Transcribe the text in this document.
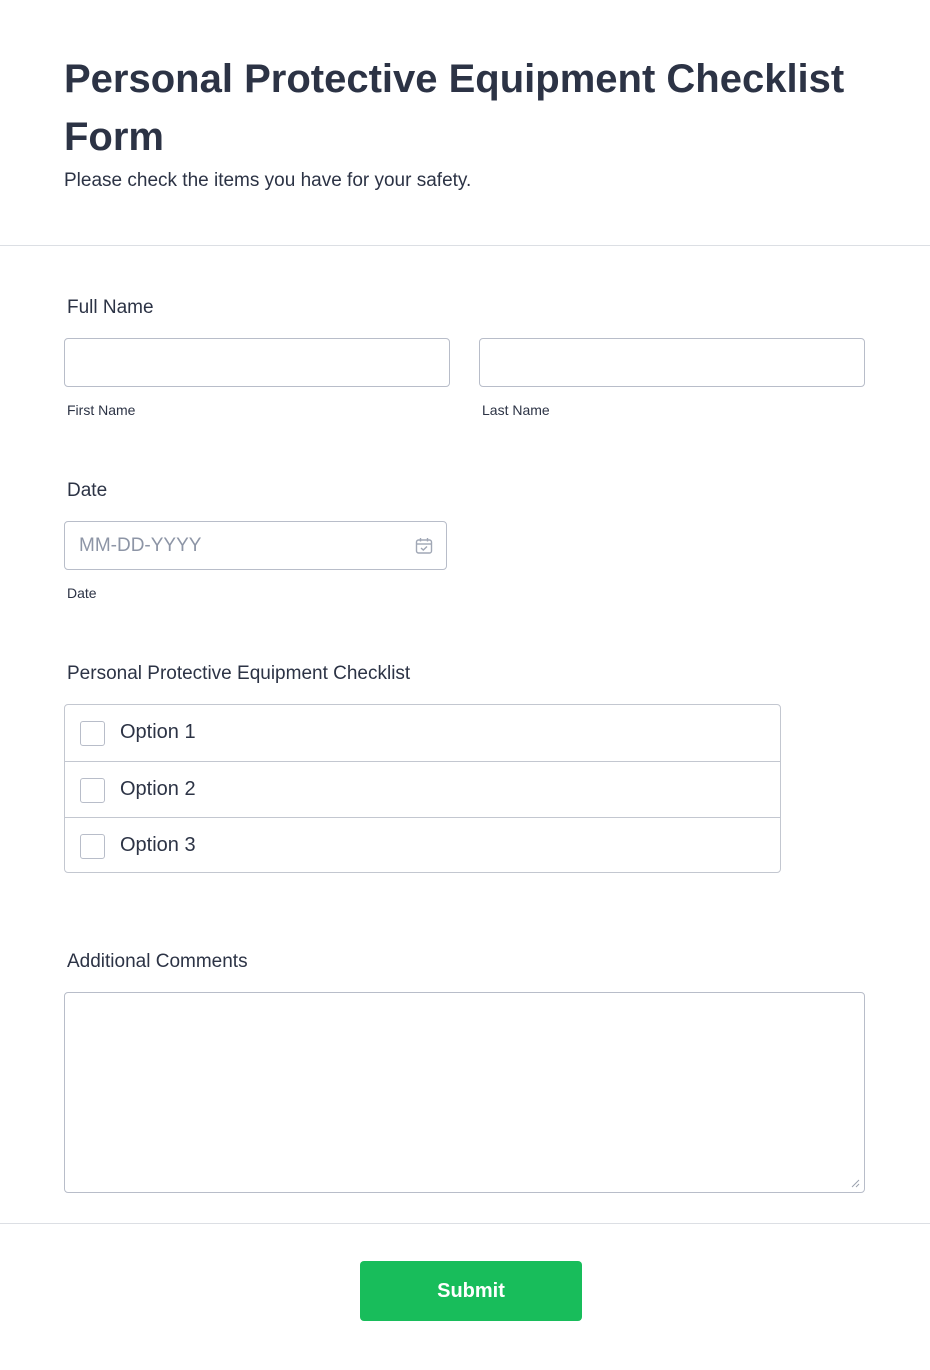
Personal Protective Equipment Checklist Form

Please check the items you have for your safety.

Full Name
First Name	Last Name
Date
MM-DD-YYYY
Date
Personal Protective Equipment Checklist
Option 1
Option 2
Option 3
Additional Comments
Submit
